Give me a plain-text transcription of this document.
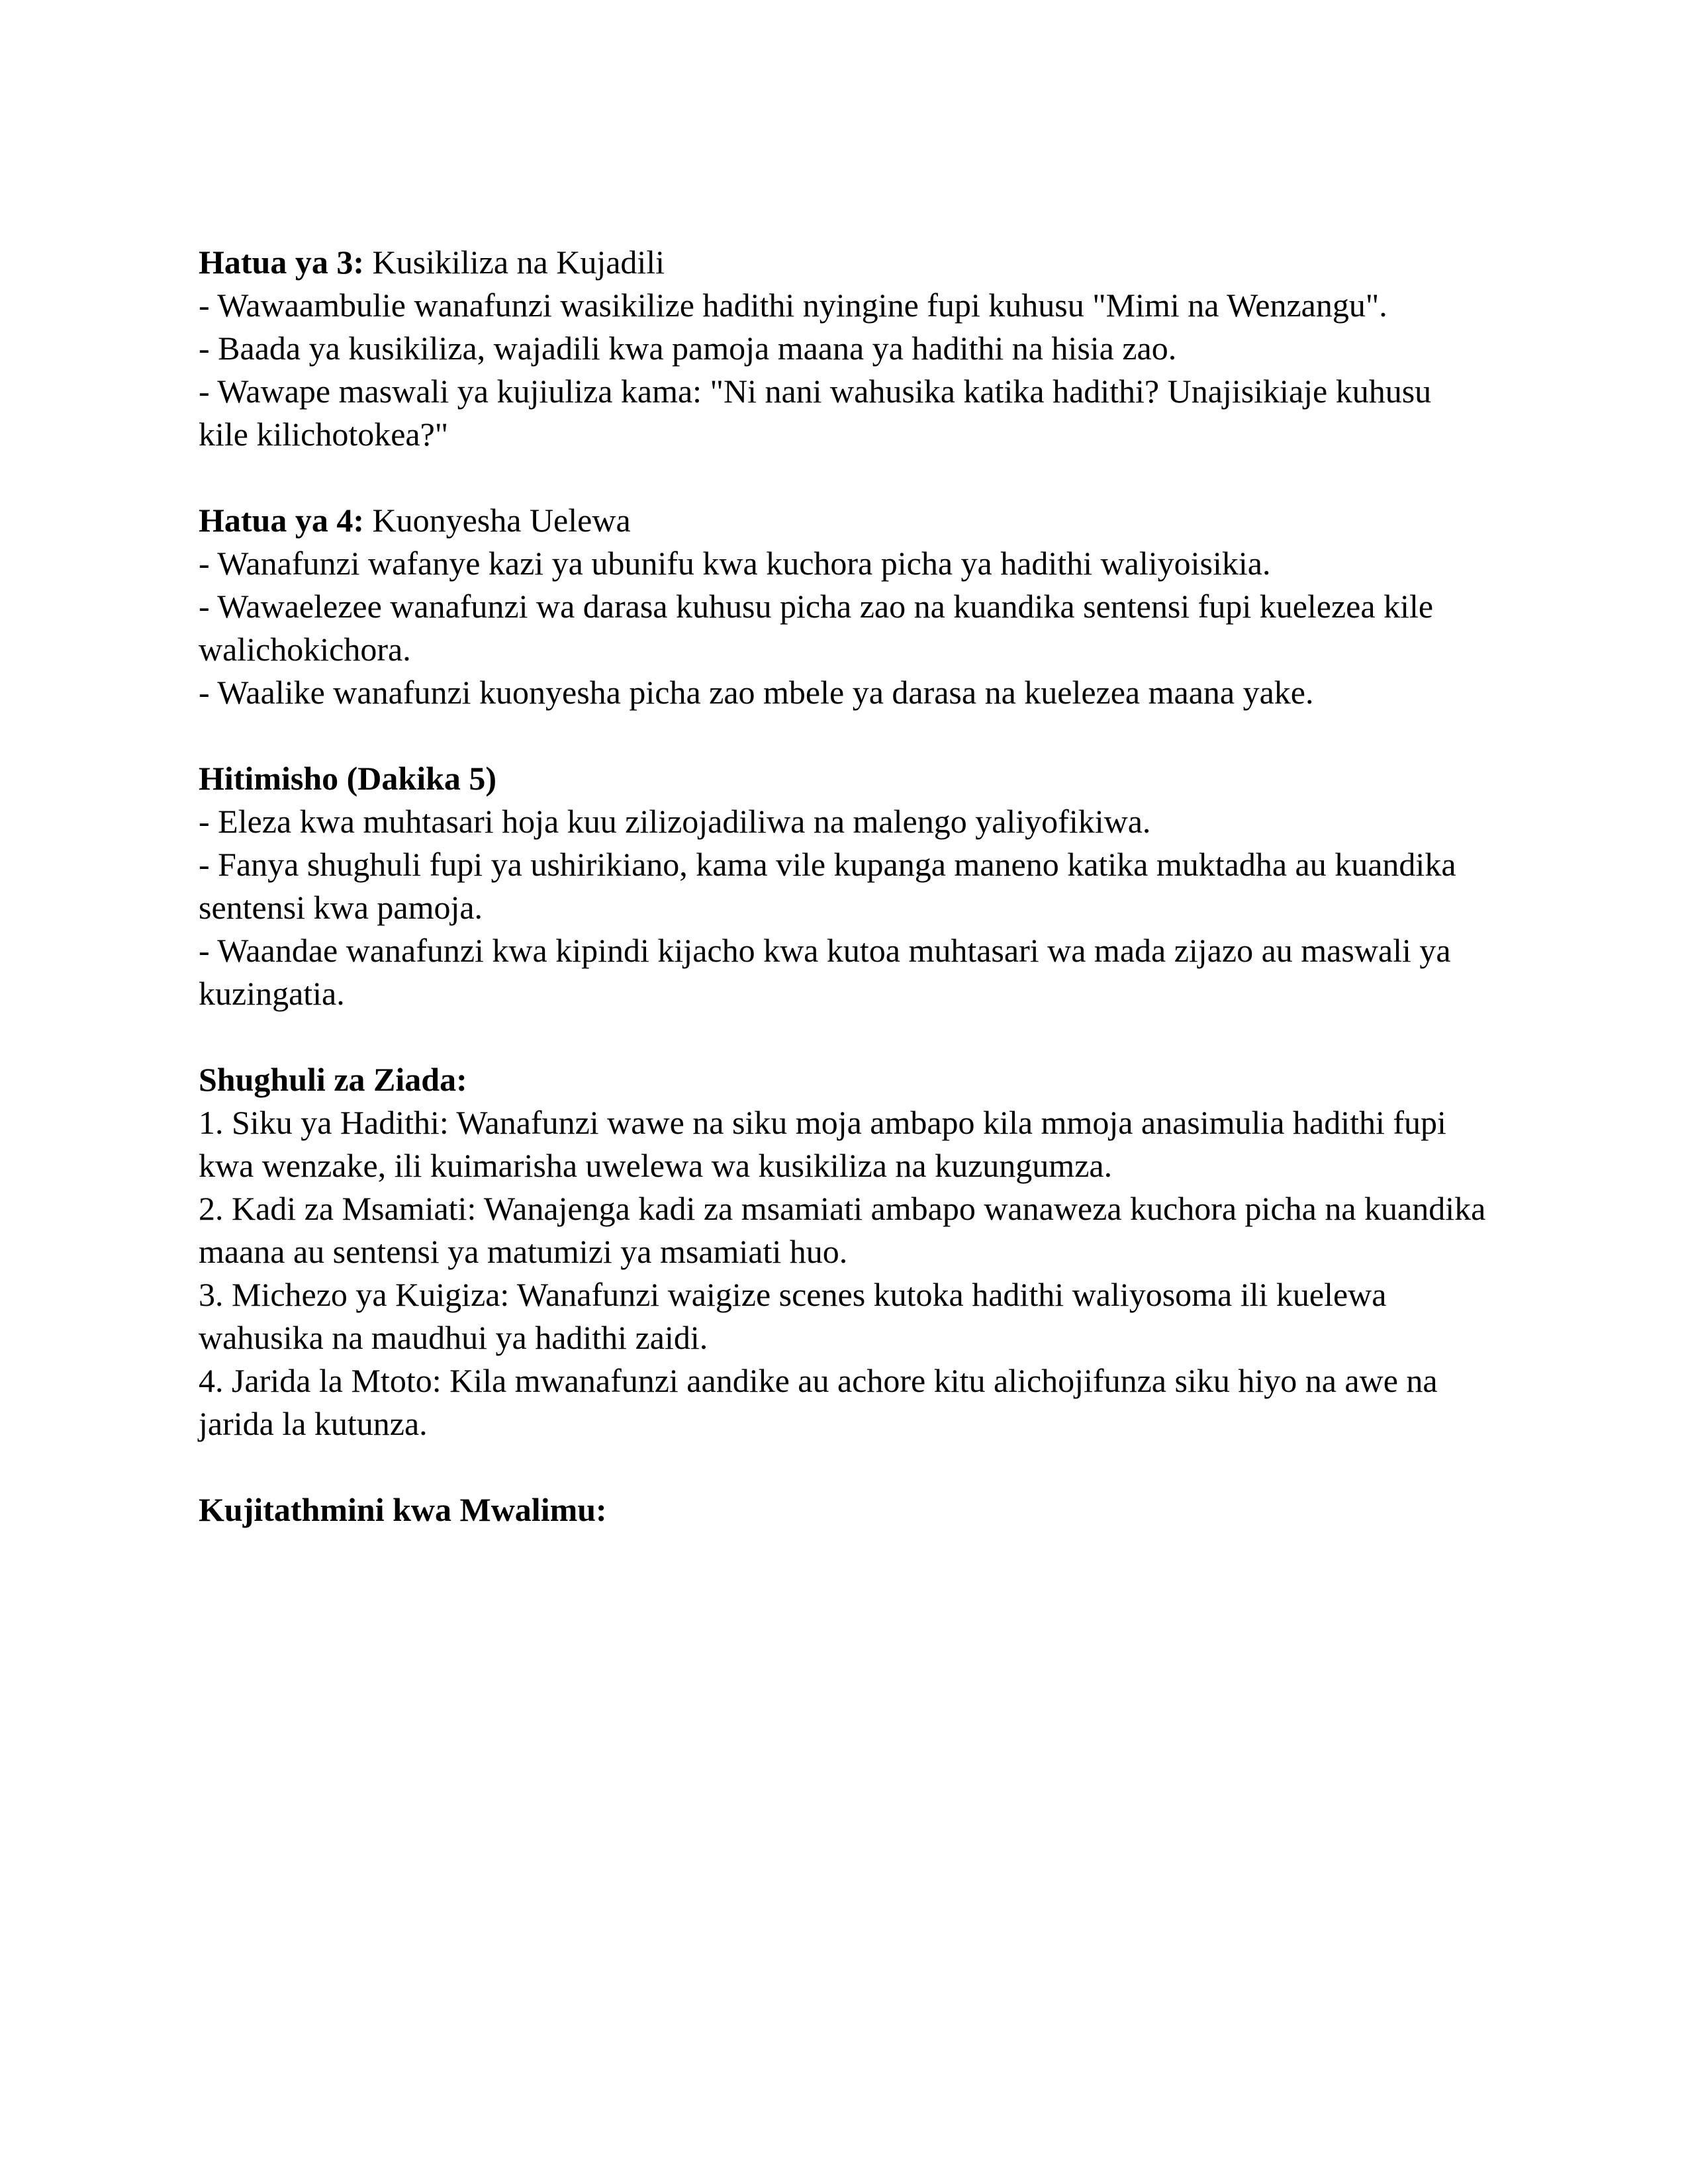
Hatua ya 3: Kusikiliza na Kujadili
- Wawaambulie wanafunzi wasikilize hadithi nyingine fupi kuhusu "Mimi na Wenzangu".
- Baada ya kusikiliza, wajadili kwa pamoja maana ya hadithi na hisia zao.
- Wawape maswali ya kujiuliza kama: "Ni nani wahusika katika hadithi? Unajisikiaje kuhusu
kile kilichotokea?"
Hatua ya 4: Kuonyesha Uelewa
- Wanafunzi wafanye kazi ya ubunifu kwa kuchora picha ya hadithi waliyoisikia.
- Wawaelezee wanafunzi wa darasa kuhusu picha zao na kuandika sentensi fupi kuelezea kile
walichokichora.
- Waalike wanafunzi kuonyesha picha zao mbele ya darasa na kuelezea maana yake.
Hitimisho (Dakika 5)
- Eleza kwa muhtasari hoja kuu zilizojadiliwa na malengo yaliyofikiwa.
- Fanya shughuli fupi ya ushirikiano, kama vile kupanga maneno katika muktadha au kuandika
sentensi kwa pamoja.
- Waandae wanafunzi kwa kipindi kijacho kwa kutoa muhtasari wa mada zijazo au maswali ya
kuzingatia.
Shughuli za Ziada:
1. Siku ya Hadithi: Wanafunzi wawe na siku moja ambapo kila mmoja anasimulia hadithi fupi
kwa wenzake, ili kuimarisha uwelewa wa kusikiliza na kuzungumza.
2. Kadi za Msamiati: Wanajenga kadi za msamiati ambapo wanaweza kuchora picha na kuandika
maana au sentensi ya matumizi ya msamiati huo.
3. Michezo ya Kuigiza: Wanafunzi waigize scenes kutoka hadithi waliyosoma ili kuelewa
wahusika na maudhui ya hadithi zaidi.
4. Jarida la Mtoto: Kila mwanafunzi aandike au achore kitu alichojifunza siku hiyo na awe na
jarida la kutunza.
Kujitathmini kwa Mwalimu:
